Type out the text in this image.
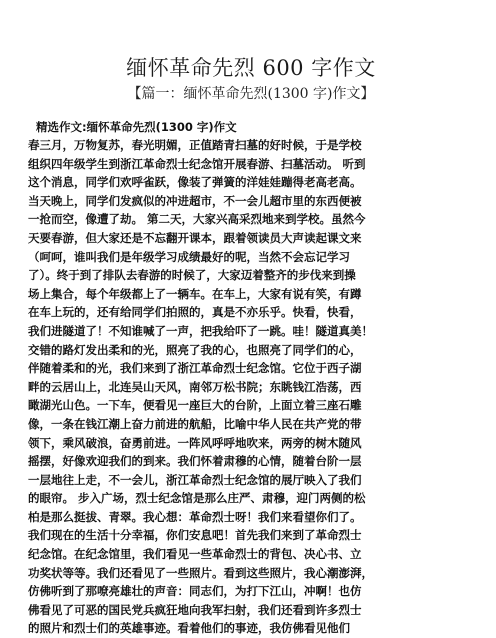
缅怀革命先烈 600 字作文
【篇一：缅怀革命先烈(1300 字)作文】
精选作文:缅怀革命先烈(1300 字)作文
春三月，万物复苏，春光明媚，正值踏青扫墓的好时候，于是学校
组织四年级学生到浙江革命烈士纪念馆开展春游、扫墓活动。 听到
这个消息，同学们欢呼雀跃，像装了弹簧的洋娃娃蹦得老高老高。
当天晚上，同学们发疯似的冲进超市，不一会儿超市里的东西便被
一抢而空，像遭了劫。 第二天，大家兴高采烈地来到学校。虽然今
天要春游，但大家还是不忘翻开课本，跟着领读员大声读起课文来
（呵呵，谁叫我们是年级学习成绩最好的呢，当然不会忘记学习
了）。终于到了排队去春游的时候了，大家迈着整齐的步伐来到操
场上集合，每个年级都上了一辆车。在车上，大家有说有笑，有蹲
在车上玩的，还有给同学们拍照的，真是不亦乐乎。快看，快看，
我们进隧道了！不知谁喊了一声，把我给吓了一跳。哇！隧道真美！
交错的路灯发出柔和的光，照亮了我的心，也照亮了同学们的心，
伴随着柔和的光，我们来到了浙江革命烈士纪念馆。它位于西子湖
畔的云居山上，北连吴山天风，南邻万松书院；东眺钱江浩荡，西
瞰湖光山色。一下车，便看见一座巨大的台阶，上面立着三座石雕
像，一条在钱江潮上奋力前进的航船，比喻中华人民在共产党的带
领下，乘风破浪，奋勇前进。一阵风呼呼地吹来，两旁的树木随风
摇摆，好像欢迎我们的到来。我们怀着肃穆的心情，随着台阶一层
一层地往上走，不一会儿，浙江革命烈士纪念馆的展厅映入了我们
的眼帘。 步入广场，烈士纪念馆是那么庄严、肃穆，迎门两侧的松
柏是那么挺拔、青翠。我心想：革命烈士呀！我们来看望你们了。
我们现在的生活十分幸福，你们安息吧！首先我们来到了革命烈士
纪念馆。在纪念馆里，我们看见一些革命烈士的背包、决心书、立
功奖状等等。我们还看见了一些照片。看到这些照片，我心潮澎湃，
仿佛听到了那嘹亮雄壮的声音：同志们，为打下江山，冲啊！也仿
佛看见了可恶的国民党兵疯狂地向我军扫射，我们还看到许多烈士
的照片和烈士们的英雄事迹。看着他们的事迹，我仿佛看见他们
